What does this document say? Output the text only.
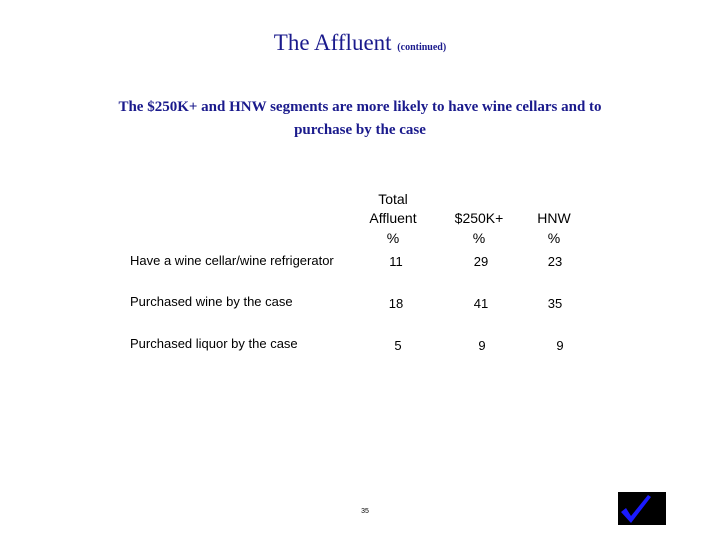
The Affluent (continued)
The $250K+ and HNW segments are more likely to have wine cellars and to purchase by the case
Total
Affluent
%
$250K+
%
HNW
%
Have a wine cellar/wine refrigerator	11	29	23
Purchased wine by the case	18	41	35
Purchased liquor by the case	5	9	9
35
